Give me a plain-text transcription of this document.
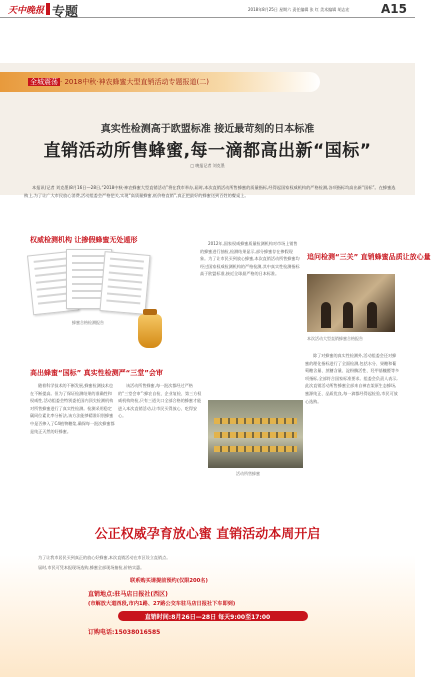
天中晚报 专题	2018年8月25日 星期六 责任编辑 张 红 美术编辑 胡志宏	A15
全城震荡 · 2018中秋·神农蜂蜜大型直销活动专题报道(二)
真实性检测高于欧盟标准 接近最苛刻的日本标准
直销活动所售蜂蜜,每一滴都高出新“国标”
□ 晚报记者 刘克墨
本报讯(记者 刘克墨)8月16日—28日,“2018中秋·神农蜂蜜大型直销活动”将在我市举办,届时,本次直销活动所售蜂蜜的质量指标,经得起国家权威机构的严格检测,各项指标均高出新“国标”。在蜂蜜选购上,为了让广大市民放心消费,活动组委会严格把关,实现“高质量蜂蜜,低价格直销”,真正把最好的蜂蜜送到百姓的餐桌上。
权威检测机构 让掺假蜂蜜无处遁形
蜂蜜合格检测报告
2012年,国家权威蜂蜜质量检测机构对市场上销售的蜂蜜进行抽检,检测结果显示,部分蜂蜜存在掺假现象。为了让市民买到放心蜂蜜,本次直销活动所售蜂蜜均经过国家权威检测机构的严格检测,其中真实性检测指标高于欧盟标准,接近全球最严格的日本标准。
追问检测“三关” 直销蜂蜜品质让放心量
本次活动大型直销蜂蜜合格报告
除了对蜂蜜的真实性检测外,活动组委会还对蜂蜜的理化指标进行了全面检测,包括水分、果糖和葡萄糖含量、蔗糖含量、淀粉酶活性、羟甲基糠醛等多项指标,全部符合国家标准要求。组委会负责人表示,此次直销活动所售蜂蜜全部来自神农架原生态蜂场,蜜源纯正、品质优良,每一滴都经得起检验,市民可放心选购。
高出蜂蜜“国标” 真实性检测严“三堂”会审
随着科学技术的不断发展,蜂蜜检测技术也在不断提高。但为了保证检测结果的准确性和权威性,活动组委会特别委托国内顶尖检测机构对所售蜂蜜进行了真实性检测。检测采用稳定碳同位素比率分析法,该方法能够精准识别蜂蜜中是否掺入了C4植物糖浆,确保每一批次蜂蜜都是纯正天然的好蜂蜜。
该活动所售蜂蜜,每一批次都经过严格的“三堂会审”:蜂农自检、企业复检、第三方权威机构终检,只有三道关口全部合格的蜂蜜才能进入本次直销活动,让市民买得放心、吃得安心。
活动所售蜂蜜
公正权威孕育放心蜜 直销活动本周开启
为了让我市居民买到真正的放心好蜂蜜,本次直销活动在市区设立直销点。
届时,市民可凭本报现场选购,蜂蜜全部现场抽检,价格实惠。
联系购买请提前预约(仅限200名)
直销地点:驻马店日报社(西区)
(市解放大道西段,市内1路、27路公交车驻马店日报社下车即到)
直销时间:8月26日—28日 每天9:00至17:00
订购电话:15038016585
